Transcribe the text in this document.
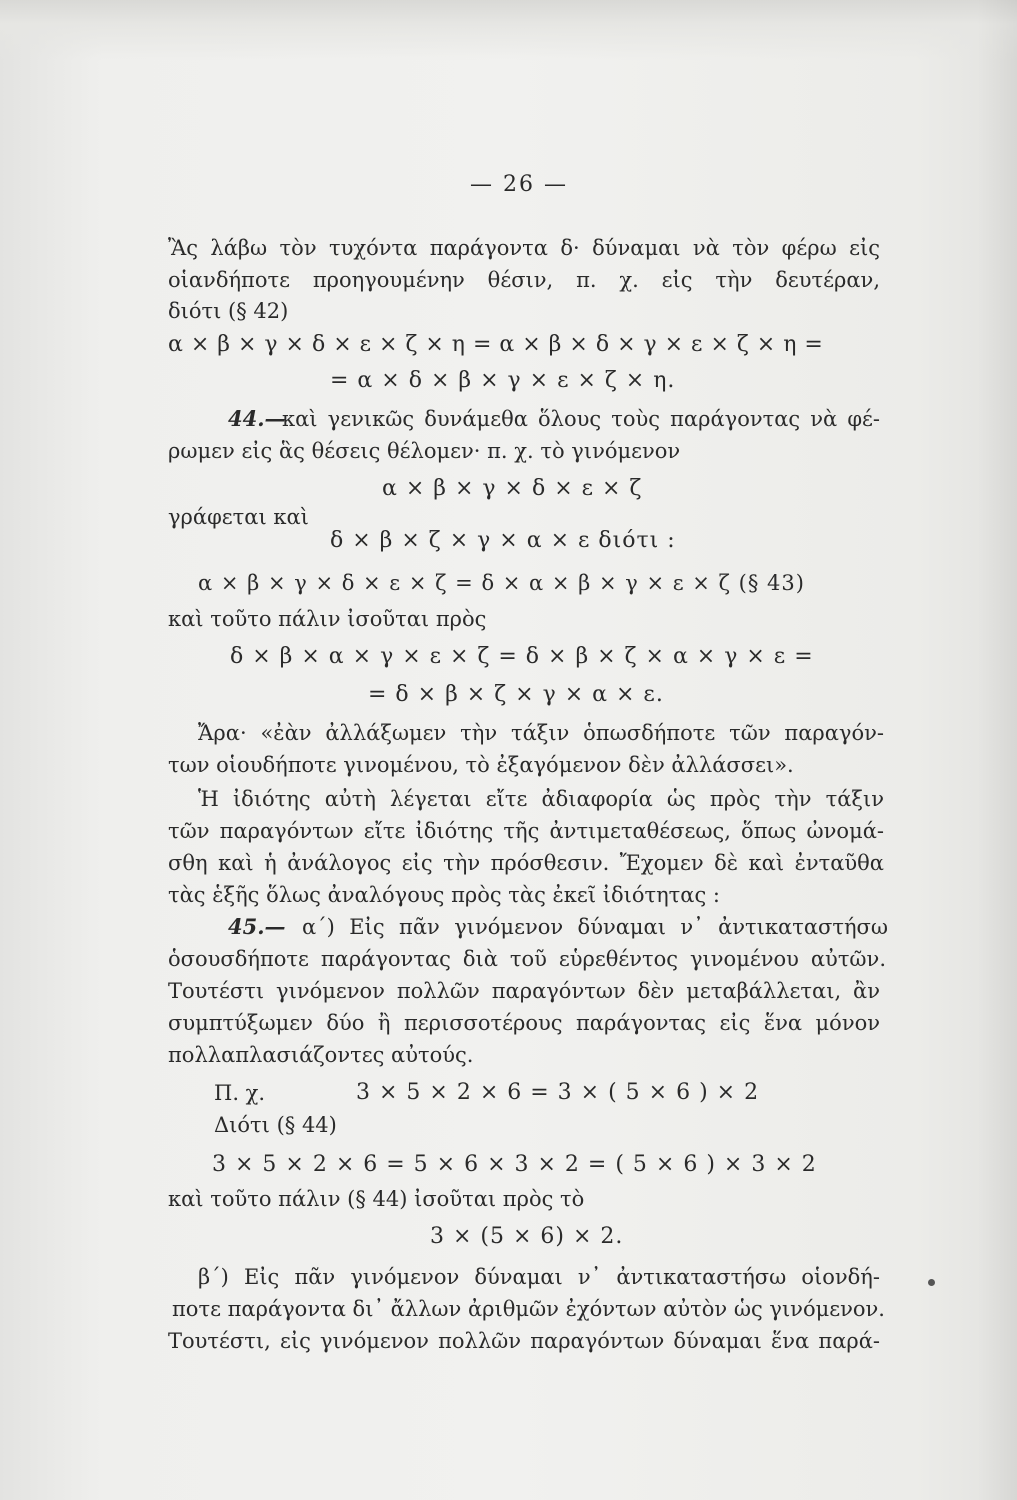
— 26 —
Ἂς λάβω τὸν τυχόντα παράγοντα δ· δύναμαι νὰ τὸν φέρω εἰς
οἱανδήποτε προηγουμένην θέσιν, π. χ. εἰς τὴν δευτέραν,
διότι (§ 42)
α × β × γ × δ × ε × ζ × η = α × β × δ × γ × ε × ζ × η =
= α × δ × β × γ × ε × ζ × η.
44.—
καὶ γενικῶς δυνάμεθα ὅλους τοὺς παράγοντας νὰ φέ-
ρωμεν εἰς ἃς θέσεις θέλομεν· π. χ. τὸ γινόμενον
α × β × γ × δ × ε × ζ
γράφεται καὶ
δ × β × ζ × γ × α × ε διότι :
α × β × γ × δ × ε × ζ = δ × α × β × γ × ε × ζ (§ 43)
καὶ τοῦτο πάλιν ἰσοῦται πρὸς
δ × β × α × γ × ε × ζ = δ × β × ζ × α × γ × ε =
= δ × β × ζ × γ × α × ε.
Ἄρα· «ἐὰν ἀλλάξωμεν τὴν τάξιν ὁπωσδήποτε τῶν παραγόν-
των οἱουδήποτε γινομένου, τὸ ἐξαγόμενον δὲν ἀλλάσσει».
Ἡ ἰδιότης αὐτὴ λέγεται εἴτε ἀδιαφορία ὡς πρὸς τὴν τάξιν
τῶν παραγόντων εἴτε ἰδιότης τῆς ἀντιμεταθέσεως, ὅπως ὠνομά-
σθη καὶ ἡ ἀνάλογος εἰς τὴν πρόσθεσιν. Ἔχομεν δὲ καὶ ἐνταῦθα
τὰς ἑξῆς ὅλως ἀναλόγους πρὸς τὰς ἐκεῖ ἰδιότητας :
45.— α΄) Εἰς πᾶν γινόμενον δύναμαι ν᾿ ἀντικαταστήσω
ὁσουσδήποτε παράγοντας διὰ τοῦ εὑρεθέντος γινομένου αὐτῶν.
Τουτέστι γινόμενον πολλῶν παραγόντων δὲν μεταβάλλεται, ἂν
συμπτύξωμεν δύο ἢ περισσοτέρους παράγοντας εἰς ἕνα μόνον
πολλαπλασιάζοντες αὐτούς.
Π. χ.	3 × 5 × 2 × 6 = 3 × ( 5 × 6 ) × 2
Διότι (§ 44)
3 × 5 × 2 × 6 = 5 × 6 × 3 × 2 = ( 5 × 6 ) × 3 × 2
καὶ τοῦτο πάλιν (§ 44) ἰσοῦται πρὸς τὸ
3 × (5 × 6) × 2.
β΄) Εἰς πᾶν γινόμενον δύναμαι ν᾿ ἀντικαταστήσω οἱονδή-
ποτε παράγοντα δι᾿ ἄλλων ἀριθμῶν ἐχόντων αὐτὸν ὡς γινόμενον.
Τουτέστι, εἰς γινόμενον πολλῶν παραγόντων δύναμαι ἕνα παρά-
